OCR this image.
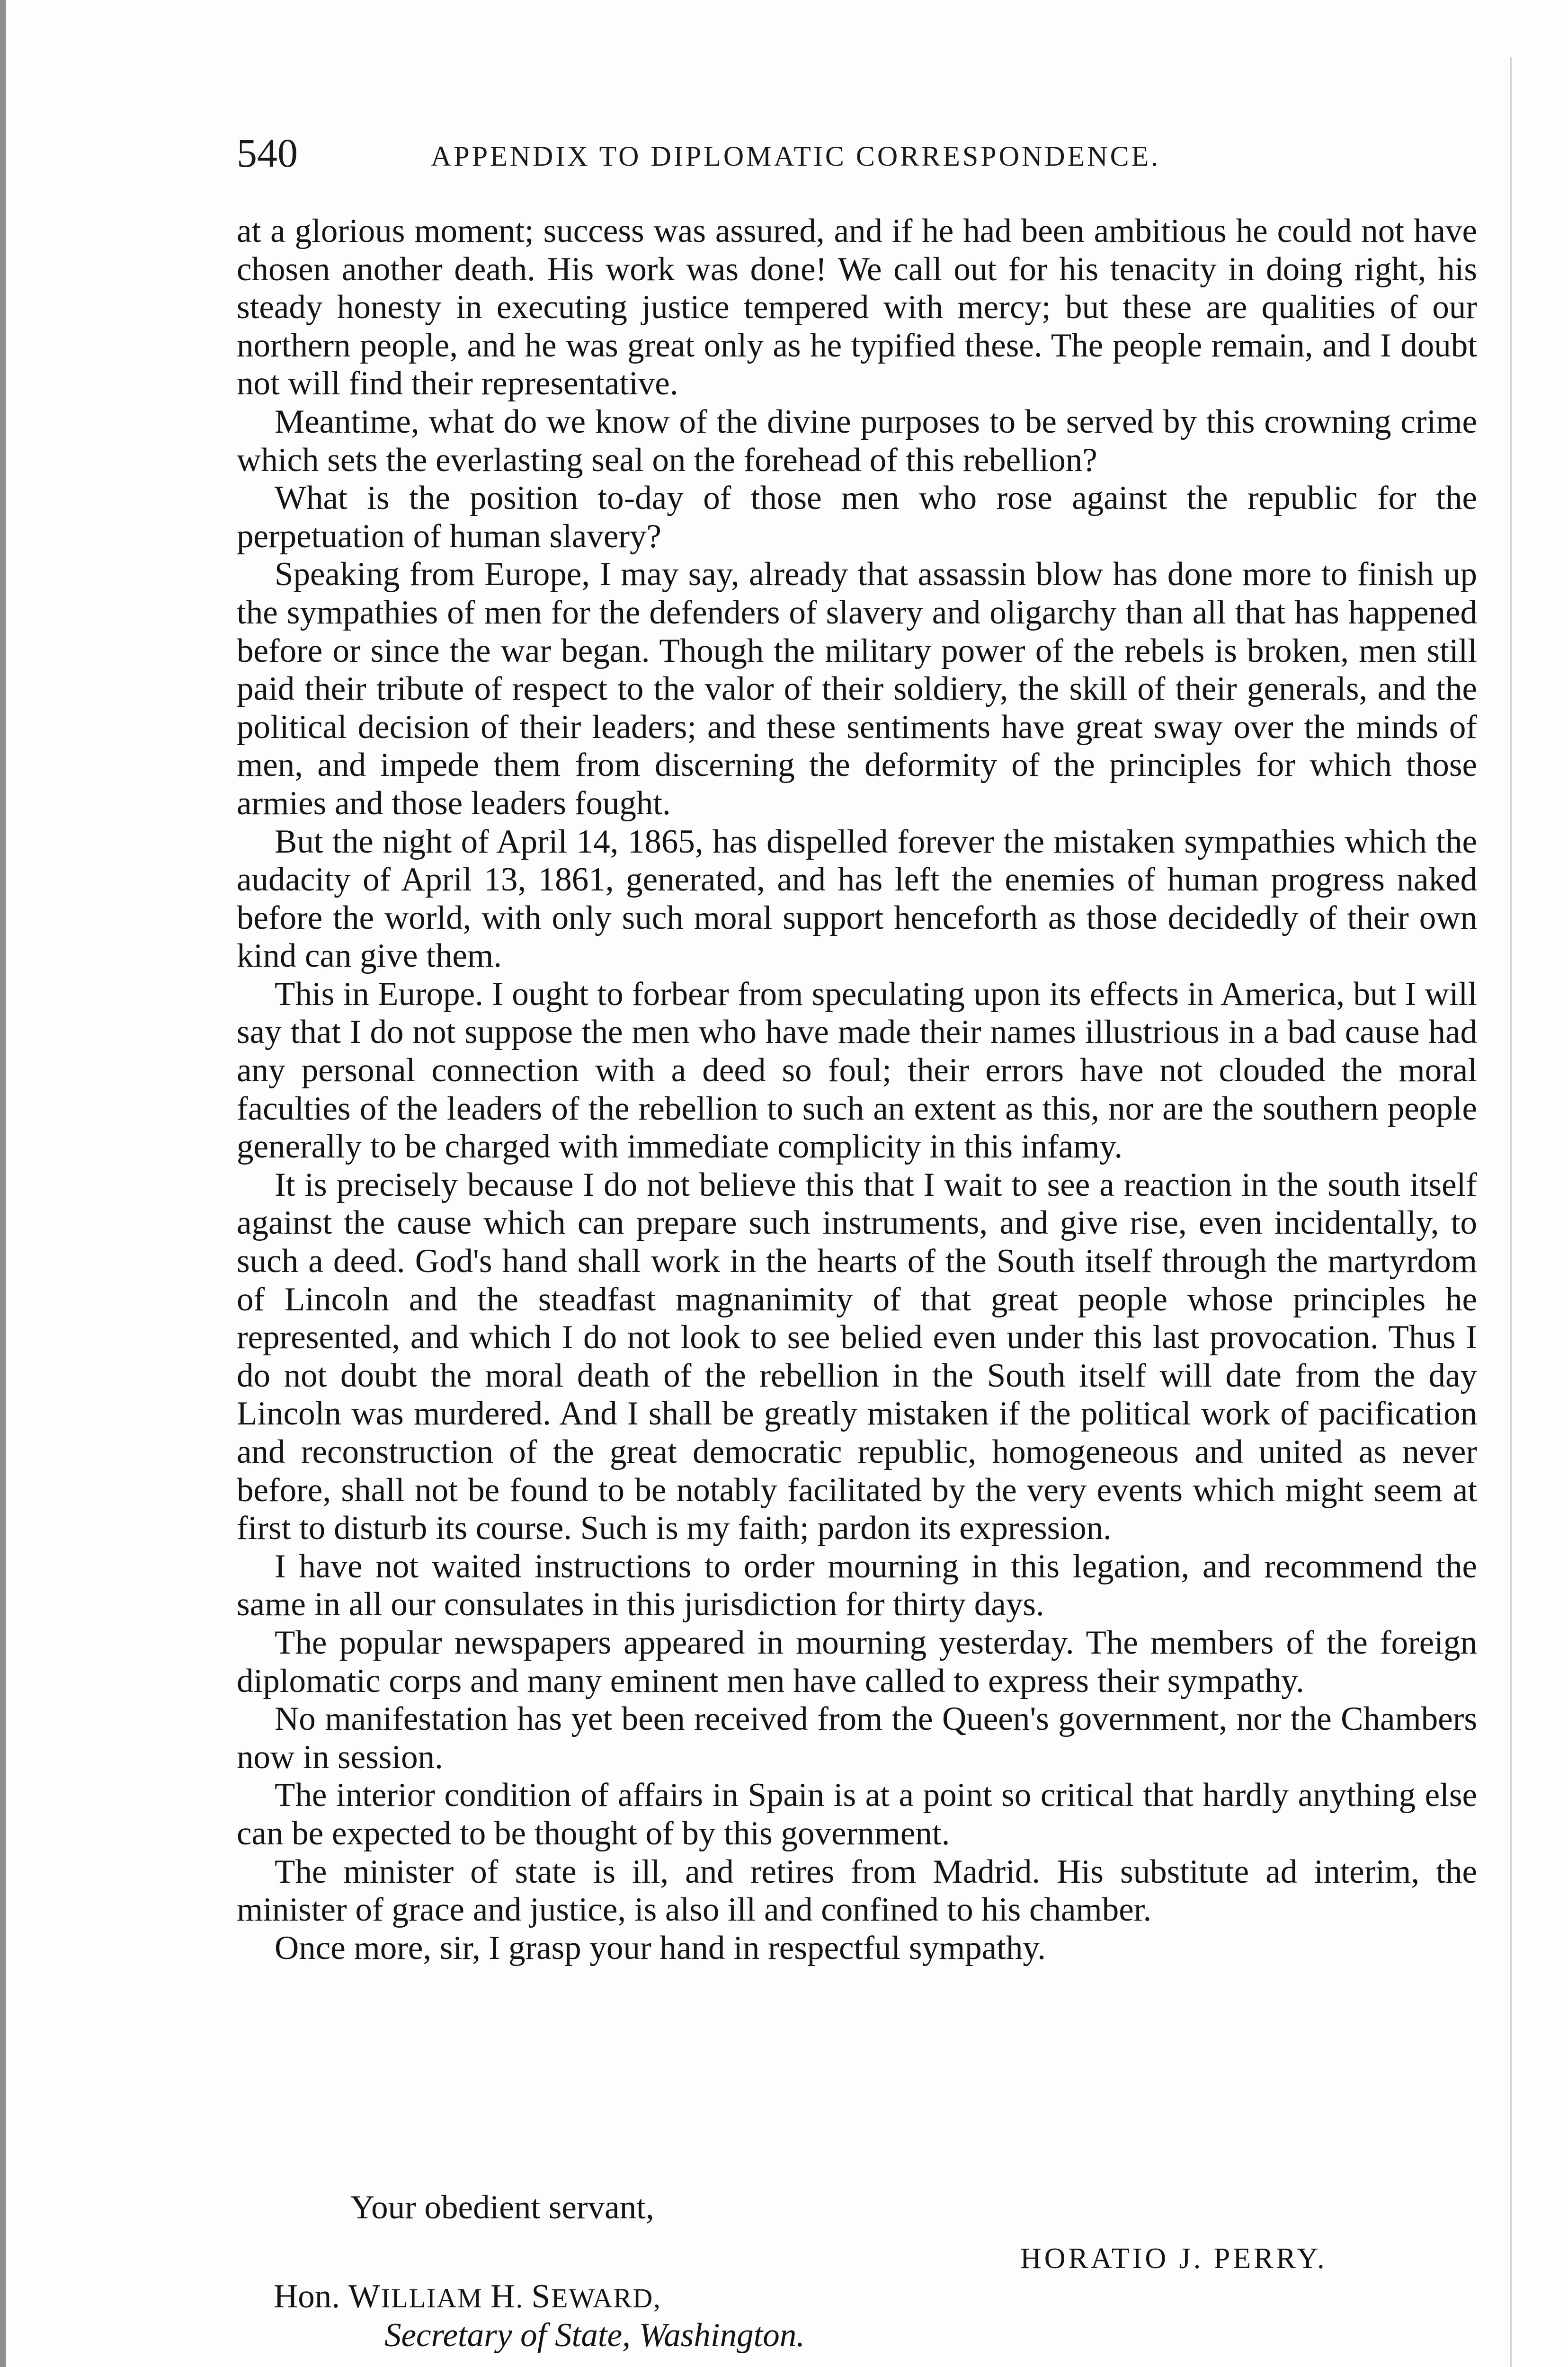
540	APPENDIX TO DIPLOMATIC CORRESPONDENCE.

at a glorious moment; success was assured, and if he had been ambitious he could not have chosen another death. His work was done! We call out for his tenacity in doing right, his steady honesty in executing justice tempered with mercy; but these are qualities of our northern people, and he was great only as he typified these. The people remain, and I doubt not will find their representative.

Meantime, what do we know of the divine purposes to be served by this crowning crime which sets the everlasting seal on the forehead of this rebellion?

What is the position to-day of those men who rose against the republic for the perpetuation of human slavery?

Speaking from Europe, I may say, already that assassin blow has done more to finish up the sympathies of men for the defenders of slavery and oligarchy than all that has happened before or since the war began. Though the military power of the rebels is broken, men still paid their tribute of respect to the valor of their soldiery, the skill of their generals, and the political decision of their leaders; and these sentiments have great sway over the minds of men, and impede them from discerning the deformity of the principles for which those armies and those leaders fought.

But the night of April 14, 1865, has dispelled forever the mistaken sympathies which the audacity of April 13, 1861, generated, and has left the enemies of human progress naked before the world, with only such moral support henceforth as those decidedly of their own kind can give them.

This in Europe. I ought to forbear from speculating upon its effects in America, but I will say that I do not suppose the men who have made their names illustrious in a bad cause had any personal connection with a deed so foul; their errors have not clouded the moral faculties of the leaders of the rebellion to such an extent as this, nor are the southern people generally to be charged with immediate complicity in this infamy.

It is precisely because I do not believe this that I wait to see a reaction in the south itself against the cause which can prepare such instruments, and give rise, even incidentally, to such a deed. God's hand shall work in the hearts of the South itself through the martyrdom of Lincoln and the steadfast magnanimity of that great people whose principles he represented, and which I do not look to see belied even under this last provocation. Thus I do not doubt the moral death of the rebellion in the South itself will date from the day Lincoln was murdered. And I shall be greatly mistaken if the political work of pacification and reconstruction of the great democratic republic, homogeneous and united as never before, shall not be found to be notably facilitated by the very events which might seem at first to disturb its course. Such is my faith; pardon its expression.

I have not waited instructions to order mourning in this legation, and recommend the same in all our consulates in this jurisdiction for thirty days.

The popular newspapers appeared in mourning yesterday. The members of the foreign diplomatic corps and many eminent men have called to express their sympathy.

No manifestation has yet been received from the Queen's government, nor the Chambers now in session.

The interior condition of affairs in Spain is at a point so critical that hardly anything else can be expected to be thought of by this government.

The minister of state is ill, and retires from Madrid. His substitute ad interim, the minister of grace and justice, is also ill and confined to his chamber.

Once more, sir, I grasp your hand in respectful sympathy.

Your obedient servant,
HORATIO J. PERRY.
Hon. WILLIAM H. SEWARD,
Secretary of State, Washington.
